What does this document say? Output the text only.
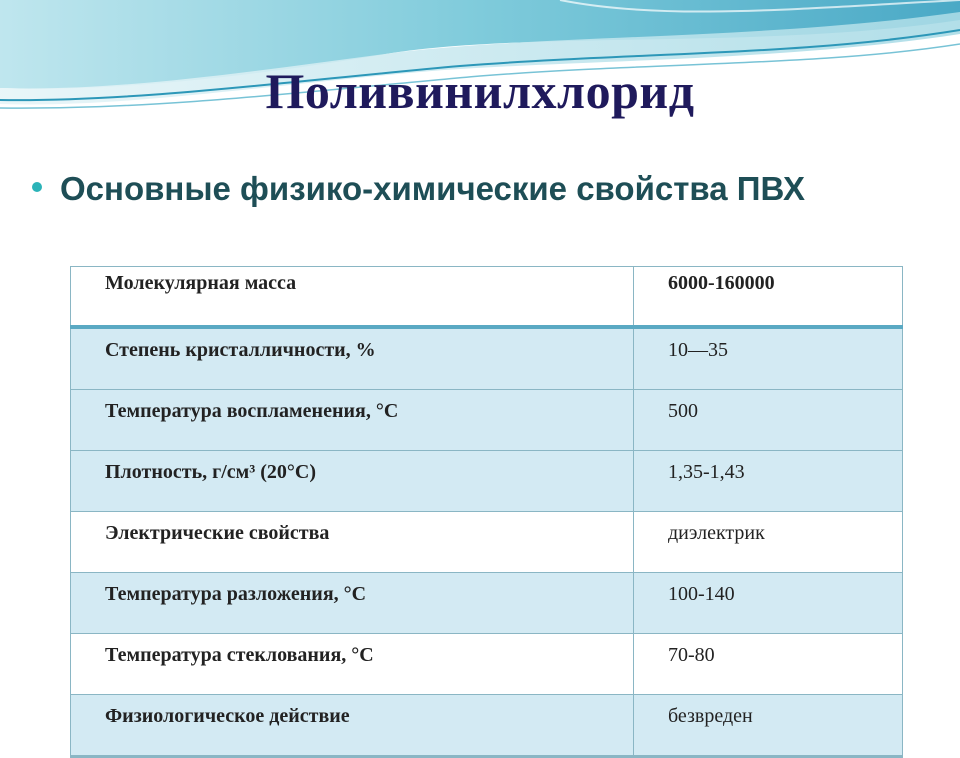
Поливинилхлорид
Основные физико-химические свойства ПВХ
Молекулярная масса	6000-160000
Степень кристалличности, %	10—35
Температура воспламенения, °С	500
Плотность, г/см³ (20°С)	1,35-1,43
Электрические свойства	диэлектрик
Температура разложения, °С	100-140
Температура стеклования, °С	70-80
Физиологическое действие	безвреден
